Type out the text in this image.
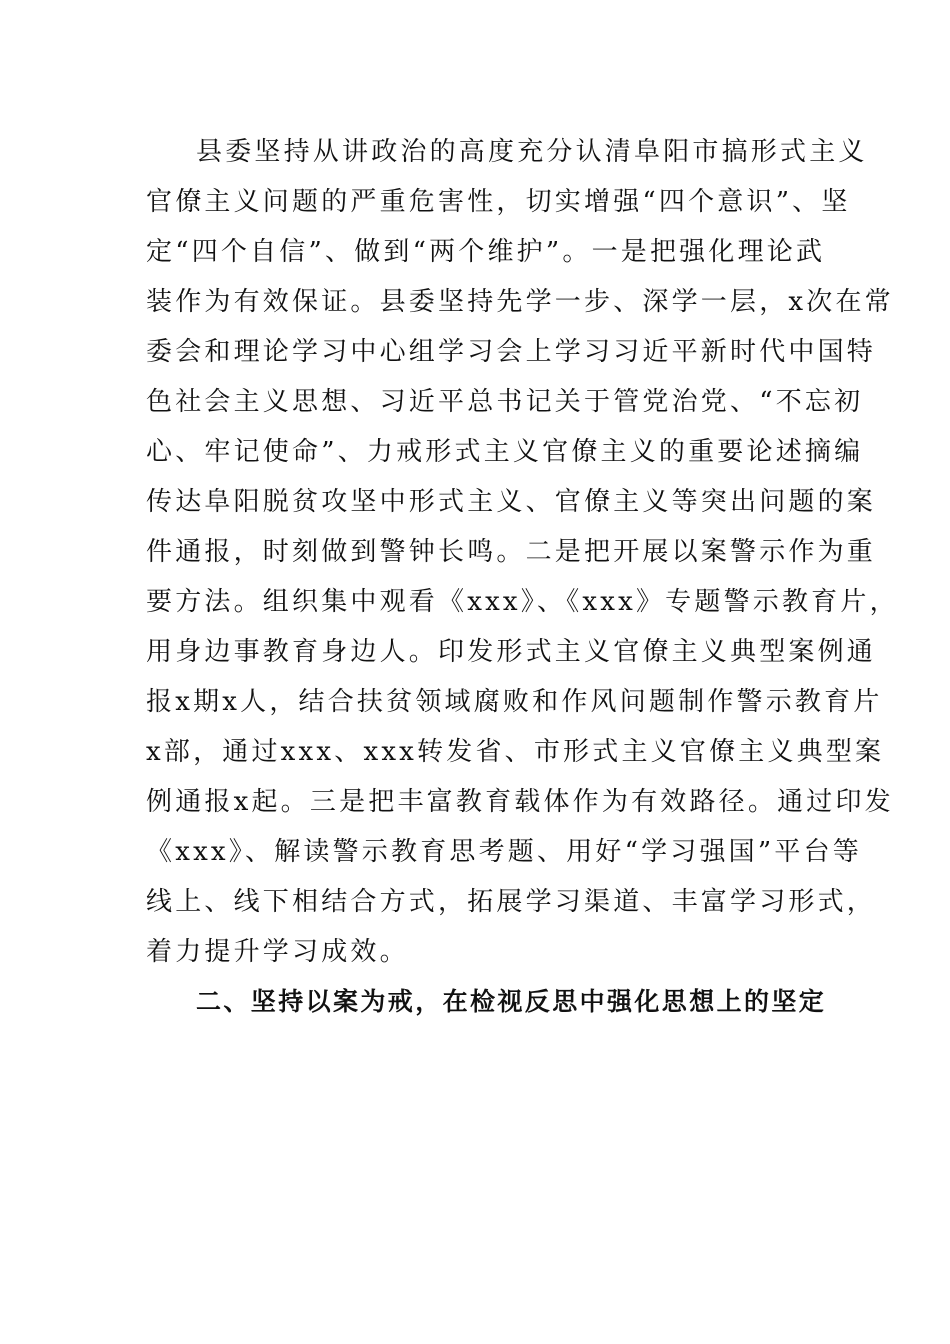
县委坚持从讲政治的高度充分认清阜阳市搞形式主义
官僚主义问题的严重危害性，切实增强“四个意识”、坚
定“四个自信”、做到“两个维护”。一是把强化理论武
装作为有效保证。县委坚持先学一步、深学一层，x次在常
委会和理论学习中心组学习会上学习习近平新时代中国特
色社会主义思想、习近平总书记关于管党治党、“不忘初
心、牢记使命”、力戒形式主义官僚主义的重要论述摘编
传达阜阳脱贫攻坚中形式主义、官僚主义等突出问题的案
件通报，时刻做到警钟长鸣。二是把开展以案警示作为重
要方法。组织集中观看《xxx》、《xxx》专题警示教育片，
用身边事教育身边人。印发形式主义官僚主义典型案例通
报x期x人，结合扶贫领域腐败和作风问题制作警示教育片
x部，通过xxx、xxx转发省、市形式主义官僚主义典型案
例通报x起。三是把丰富教育载体作为有效路径。通过印发
《xxx》、解读警示教育思考题、用好“学习强国”平台等
线上、线下相结合方式，拓展学习渠道、丰富学习形式，
着力提升学习成效。
二、坚持以案为戒，在检视反思中强化思想上的坚定
